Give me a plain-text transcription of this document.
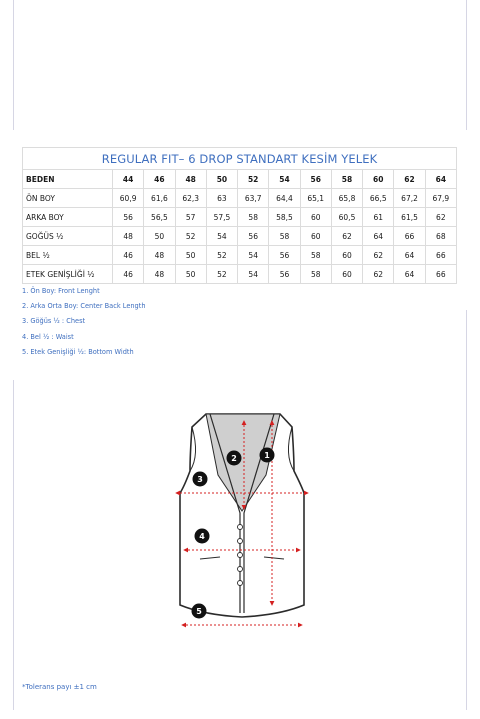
REGULAR FIT– 6 DROP STANDART KESİM YELEK											
BEDEN	44	46	48	50	52	54	56	58	60	62	64
ÖN BOY	60,9	61,6	62,3	63	63,7	64,4	65,1	65,8	66,5	67,2	67,9
ARKA BOY	56	56,5	57	57,5	58	58,5	60	60,5	61	61,5	62
GOĞÜS ½	48	50	52	54	56	58	60	62	64	66	68
BEL ½	46	48	50	52	54	56	58	60	62	64	66
ETEK GENİŞLİĞİ ½	46	48	50	52	54	56	58	60	62	64	66
1. Ön Boy: Front Lenght
2. Arka Orta Boy: Center Back Length
3. Göğüs ½ : Chest
4. Bel ½ : Waist
5. Etek Genişliği ½: Bottom Width
1
2
3
4
5
*Tolerans payı ±1 cm
